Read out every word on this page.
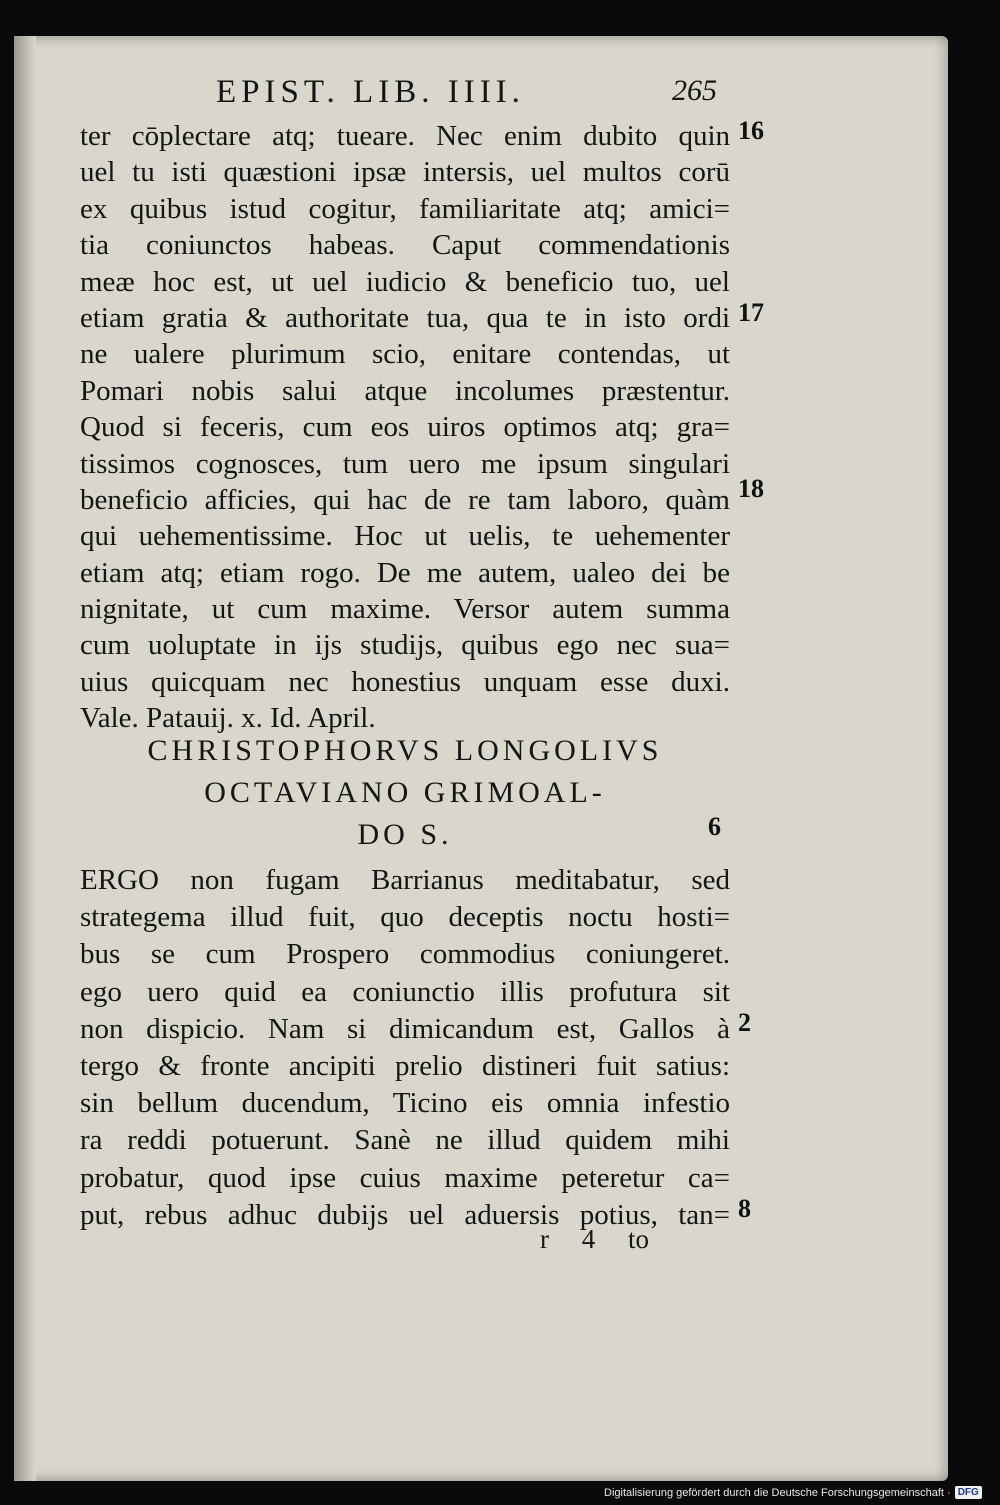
EPIST. LIB. IIII.	265
ter cōplectare atq; tueare. Nec enim dubito quin
uel tu isti quæstioni ipsæ intersis, uel multos corū
ex quibus istud cogitur, familiaritate atq; amici=
tia coniunctos habeas. Caput commendationis
meæ hoc est, ut uel iudicio & beneficio tuo, uel
etiam gratia & authoritate tua, qua te in isto ordi
ne ualere plurimum scio, enitare contendas, ut
Pomari nobis salui atque incolumes præstentur.
Quod si feceris, cum eos uiros optimos atq; gra=
tissimos cognosces, tum uero me ipsum singulari
beneficio afficies, qui hac de re tam laboro, quàm
qui uehementissime. Hoc ut uelis, te uehementer
etiam atq; etiam rogo. De me autem, ualeo dei be
nignitate, ut cum maxime. Versor autem summa
cum uoluptate in ijs studijs, quibus ego nec sua=
uius quicquam nec honestius unquam esse duxi.
Vale. Patauij. x. Id. April.
16
17
18
CHRISTOPHORVS LONGOLIVS
OCTAVIANO GRIMOAL-
DO S.	6
ERGO non fugam Barrianus meditabatur, sed
strategema illud fuit, quo deceptis noctu hosti=
bus se cum Prospero commodius coniungeret.
ego uero quid ea coniunctio illis profutura sit
non dispicio. Nam si dimicandum est, Gallos à
tergo & fronte ancipiti prelio distineri fuit satius:
sin bellum ducendum, Ticino eis omnia infestio
ra reddi potuerunt. Sanè ne illud quidem mihi
probatur, quod ipse cuius maxime peteretur ca=
put, rebus adhuc dubijs uel aduersis potius, tan=
2
8
r 4 to
Digitalisierung gefördert durch die Deutsche Forschungsgemeinschaft · DFG
